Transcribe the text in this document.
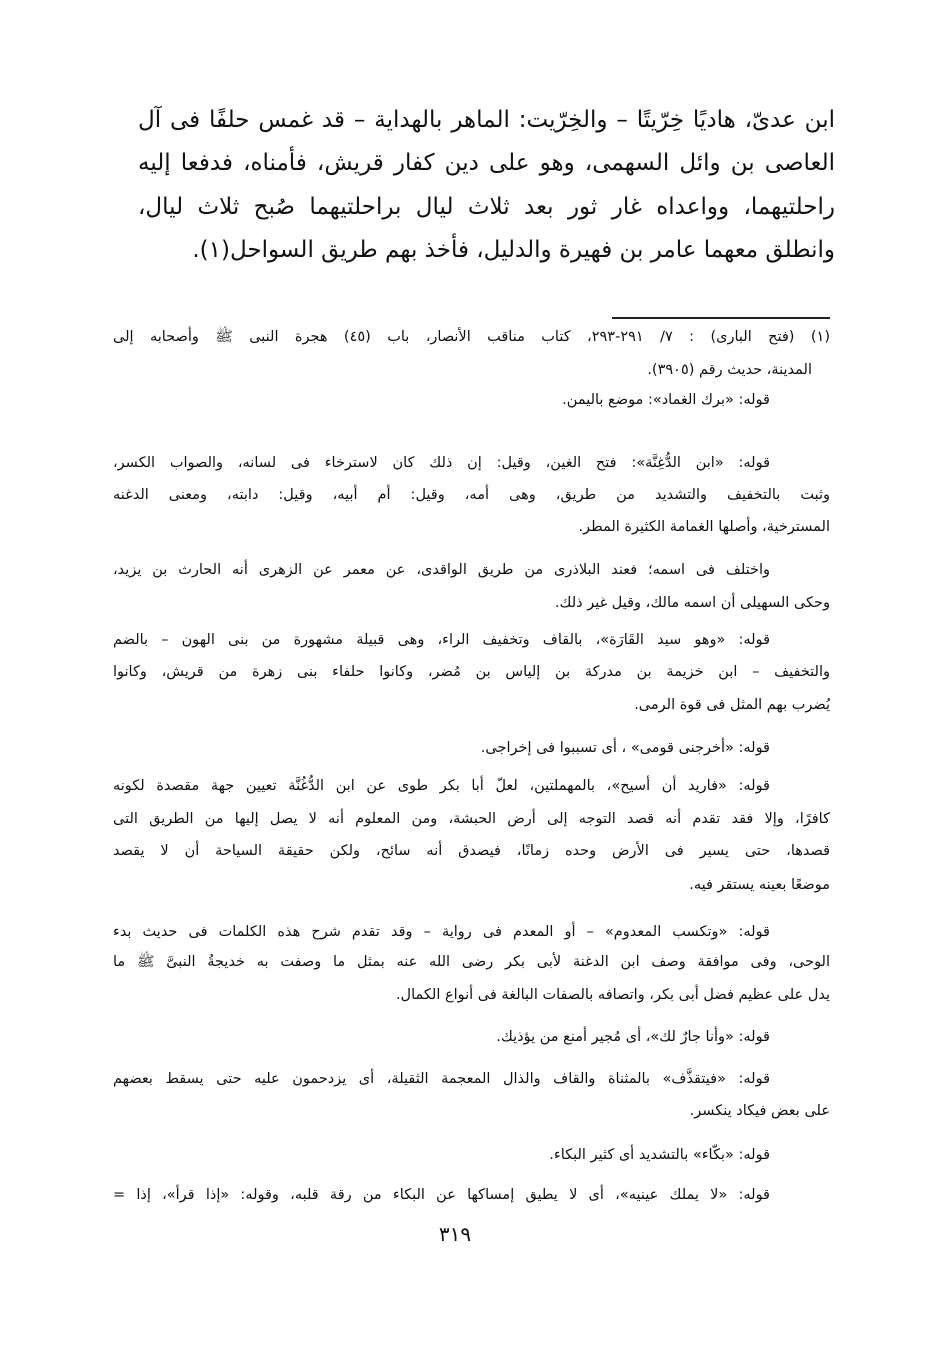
ابن عدىّ، هاديًا خِرّيتًا – والخِرّيت: الماهر بالهداية – قد غمس حلفًا فى آل
العاصى بن وائل السهمى، وهو على دين كفار قريش، فأمناه، فدفعا إليه
راحلتيهما، وواعداه غار ثور بعد ثلاث ليال براحلتيهما صُبح ثلاث ليال،
وانطلق معهما عامر بن فهيرة والدليل، فأخذ بهم طريق السواحل(١).
(١) (فتح البارى) : ٧/ ٢٩١-٢٩٣، كتاب مناقب الأنصار، باب (٤٥) هجرة النبى ﷺ وأصحابه إلى
المدينة، حديث رقم (٣٩٠٥).
قوله: «برك الغماد»: موضع باليمن.
قوله: «ابن الدُّغِنَّة»: فتح الغين، وقيل: إن ذلك كان لاسترخاء فى لسانه، والصواب الكسر،
وثبت بالتخفيف والتشديد من طريق، وهى أمه، وقيل: أم أبيه، وقيل: دابته، ومعنى الدغنه
المسترخية، وأصلها الغمامة الكثيرة المطر.
واختلف فى اسمه؛ فعند البلاذرى من طريق الواقدى، عن معمر عن الزهرى أنه الحارث بن يزيد،
وحكى السهيلى أن اسمه مالك، وقيل غير ذلك.
قوله: «وهو سيد القَارَة»، بالقاف وتخفيف الراء، وهى قبيلة مشهورة من بنى الهون – بالضم
والتخفيف – ابن خزيمة بن مدركة بن إلياس بن مُضر، وكانوا حلفاء بنى زهرة من قريش، وكانوا
يُضرب بهم المثل فى قوة الرمى.
قوله: «أخرجنى قومى» ، أى تسببوا فى إخراجى.
قوله: «فاريد أن أسيح»، بالمهملتين، لعلّ أبا بكر طوى عن ابن الدُّغُنَّة تعيين جهة مقصدة لكونه
كافرًا، وإلا فقد تقدم أنه قصد التوجه إلى أرض الحبشة، ومن المعلوم أنه لا يصل إليها من الطريق التى
قصدها، حتى يسير فى الأرض وحده زمانًا، فيصدق أنه سائح، ولكن حقيقة السياحة أن لا يقصد
موضعًا بعينه يستقر فيه.
قوله: «وتكسب المعدوم» – أو المعدم فى رواية – وقد تقدم شرح هذه الكلمات فى حديث بدء
الوحى، وفى موافقة وصف ابن الدغنة لأبى بكر رضى الله عنه بمثل ما وصفت به خديجةُ النبىَّ ﷺ ما
يدل على عظيم فضل أبى بكر، واتصافه بالصفات البالغة فى أنواع الكمال.
قوله: «وأنا جارٌ لك»، أى مُجير أمنع من يؤذيك.
قوله: «فيتقذَّف» بالمثناة والقاف والذال المعجمة الثقيلة، أى يزدحمون عليه حتى يسقط بعضهم
على بعض فيكاد ينكسر.
قوله: «بكّاء» بالتشديد أى كثير البكاء.
قوله: «لا يملك عينيه»، أى لا يطيق إمساكها عن البكاء من رقة قلبه، وقوله: «إذا قرأ»، إذا =
٣١٩
